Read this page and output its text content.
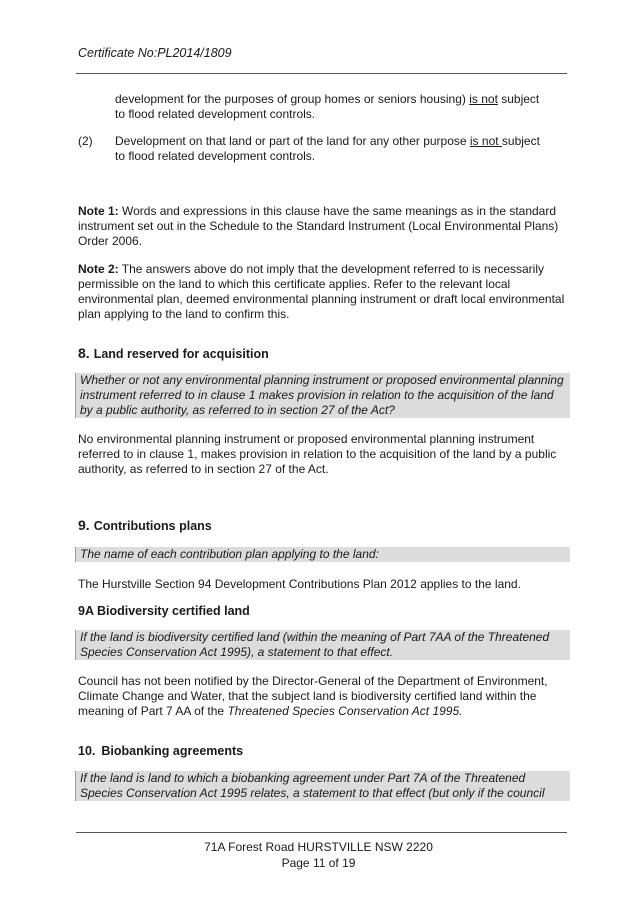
Certificate No:PL2014/1809
development for the purposes of group homes or seniors housing) is not subject
to flood related development controls.
(2) Development on that land or part of the land for any other purpose is not subject
to flood related development controls.
Note 1: Words and expressions in this clause have the same meanings as in the standard instrument set out in the Schedule to the Standard Instrument (Local Environmental Plans) Order 2006.
Note 2: The answers above do not imply that the development referred to is necessarily permissible on the land to which this certificate applies. Refer to the relevant local environmental plan, deemed environmental planning instrument or draft local environmental plan applying to the land to confirm this.
8. Land reserved for acquisition
Whether or not any environmental planning instrument or proposed environmental planning instrument referred to in clause 1 makes provision in relation to the acquisition of the land by a public authority, as referred to in section 27 of the Act?
No environmental planning instrument or proposed environmental planning instrument referred to in clause 1, makes provision in relation to the acquisition of the land by a public authority, as referred to in section 27 of the Act.
9. Contributions plans
The name of each contribution plan applying to the land:
The Hurstville Section 94 Development Contributions Plan 2012 applies to the land.
9A Biodiversity certified land
If the land is biodiversity certified land (within the meaning of Part 7AA of the Threatened Species Conservation Act 1995), a statement to that effect.
Council has not been notified by the Director-General of the Department of Environment, Climate Change and Water, that the subject land is biodiversity certified land within the meaning of Part 7 AA of the Threatened Species Conservation Act 1995.
10. Biobanking agreements
If the land is land to which a biobanking agreement under Part 7A of the Threatened Species Conservation Act 1995 relates, a statement to that effect (but only if the council
71A Forest Road HURSTVILLE NSW 2220
Page 11 of 19
